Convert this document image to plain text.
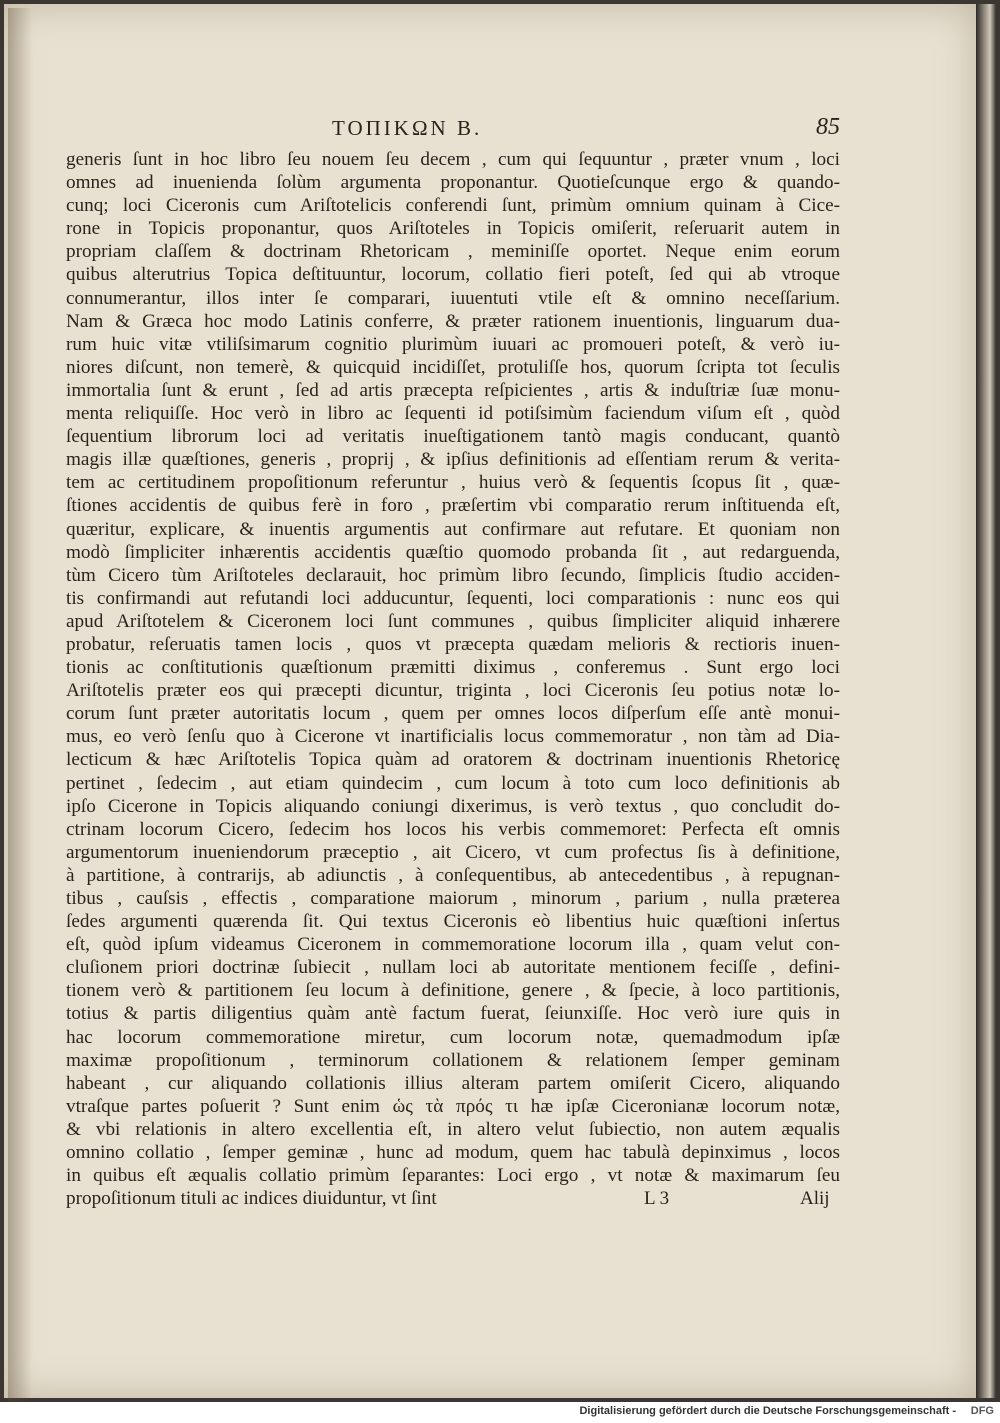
ΤΟΠΙΚΩΝ Β.	85
generis ſunt in hoc libro ſeu nouem ſeu decem , cum qui ſequuntur , præter vnum , loci
omnes ad inuenienda ſolùm argumenta proponantur. Quotieſcunque ergo & quando-
cunq; loci Ciceronis cum Ariſtotelicis conferendi ſunt, primùm omnium quinam à Cice-
rone in Topicis proponantur, quos Ariſtoteles in Topicis omiſerit, reſeruarit autem in
propriam claſſem & doctrinam Rhetoricam , meminiſſe oportet. Neque enim eorum
quibus alterutrius Topica deſtituuntur, locorum, collatio fieri poteſt, ſed qui ab vtroque
connumerantur, illos inter ſe comparari, iuuentuti vtile eſt & omnino neceſſarium.
Nam & Græca hoc modo Latinis conferre, & præter rationem inuentionis, linguarum dua-
rum huic vitæ vtiliſsimarum cognitio plurimùm iuuari ac promoueri poteſt, & verò iu-
niores diſcunt, non temerè, & quicquid incidiſſet, protuliſſe hos, quorum ſcripta tot ſeculis
immortalia ſunt & erunt , ſed ad artis præcepta reſpicientes , artis & induſtriæ ſuæ monu-
menta reliquiſſe. Hoc verò in libro ac ſequenti id potiſsimùm faciendum viſum eſt , quòd
ſequentium librorum loci ad veritatis inueſtigationem tantò magis conducant, quantò
magis illæ quæſtiones, generis , proprij , & ipſius definitionis ad eſſentiam rerum & verita-
tem ac certitudinem propoſitionum referuntur , huius verò & ſequentis ſcopus ſit , quæ-
ſtiones accidentis de quibus ferè in foro , præſertim vbi comparatio rerum inſtituenda eſt,
quæritur, explicare, & inuentis argumentis aut confirmare aut refutare. Et quoniam non
modò ſimpliciter inhærentis accidentis quæſtio quomodo probanda ſit , aut redarguenda,
tùm Cicero tùm Ariſtoteles declarauit, hoc primùm libro ſecundo, ſimplicis ſtudio acciden-
tis confirmandi aut refutandi loci adducuntur, ſequenti, loci comparationis : nunc eos qui
apud Ariſtotelem & Ciceronem loci ſunt communes , quibus ſimpliciter aliquid inhærere
probatur, reſeruatis tamen locis , quos vt præcepta quædam melioris & rectioris inuen-
tionis ac conſtitutionis quæſtionum præmitti diximus , conferemus . Sunt ergo loci
Ariſtotelis præter eos qui præcepti dicuntur, triginta , loci Ciceronis ſeu potius notæ lo-
corum ſunt præter autoritatis locum , quem per omnes locos diſperſum eſſe antè monui-
mus, eo verò ſenſu quo à Cicerone vt inartificialis locus commemoratur , non tàm ad Dia-
lecticum & hæc Ariſtotelis Topica quàm ad oratorem & doctrinam inuentionis Rhetoricę
pertinet , ſedecim , aut etiam quindecim , cum locum à toto cum loco definitionis ab
ipſo Cicerone in Topicis aliquando coniungi dixerimus, is verò textus , quo concludit do-
ctrinam locorum Cicero, ſedecim hos locos his verbis commemoret: Perfecta eſt omnis
argumentorum inueniendorum præceptio , ait Cicero, vt cum profectus ſis à definitione,
à partitione, à contrarijs, ab adiunctis , à conſequentibus, ab antecedentibus , à repugnan-
tibus , cauſsis , effectis , comparatione maiorum , minorum , parium , nulla præterea
ſedes argumenti quærenda ſit. Qui textus Ciceronis eò libentius huic quæſtioni inſertus
eſt, quòd ipſum videamus Ciceronem in commemoratione locorum illa , quam velut con-
cluſionem priori doctrinæ ſubiecit , nullam loci ab autoritate mentionem feciſſe , defini-
tionem verò & partitionem ſeu locum à definitione, genere , & ſpecie, à loco partitionis,
totius & partis diligentius quàm antè factum fuerat, ſeiunxiſſe. Hoc verò iure quis in
hac locorum commemoratione miretur, cum locorum notæ, quemadmodum ipſæ
maximæ propoſitionum , terminorum collationem & relationem ſemper geminam
habeant , cur aliquando collationis illius alteram partem omiſerit Cicero, aliquando
vtraſque partes poſuerit ? Sunt enim ὡς τὰ πρός τι hæ ipſæ Ciceronianæ locorum notæ,
& vbi relationis in altero excellentia eſt, in altero velut ſubiectio, non autem æqualis
omnino collatio , ſemper geminæ , hunc ad modum, quem hac tabulà depinximus , locos
in quibus eſt æqualis collatio primùm ſeparantes: Loci ergo , vt notæ & maximarum ſeu
propoſitionum tituli ac indices diuiduntur, vt ſint	L 3	Alij
Digitalisierung gefördert durch die Deutsche Forschungsgemeinschaft - DFG
